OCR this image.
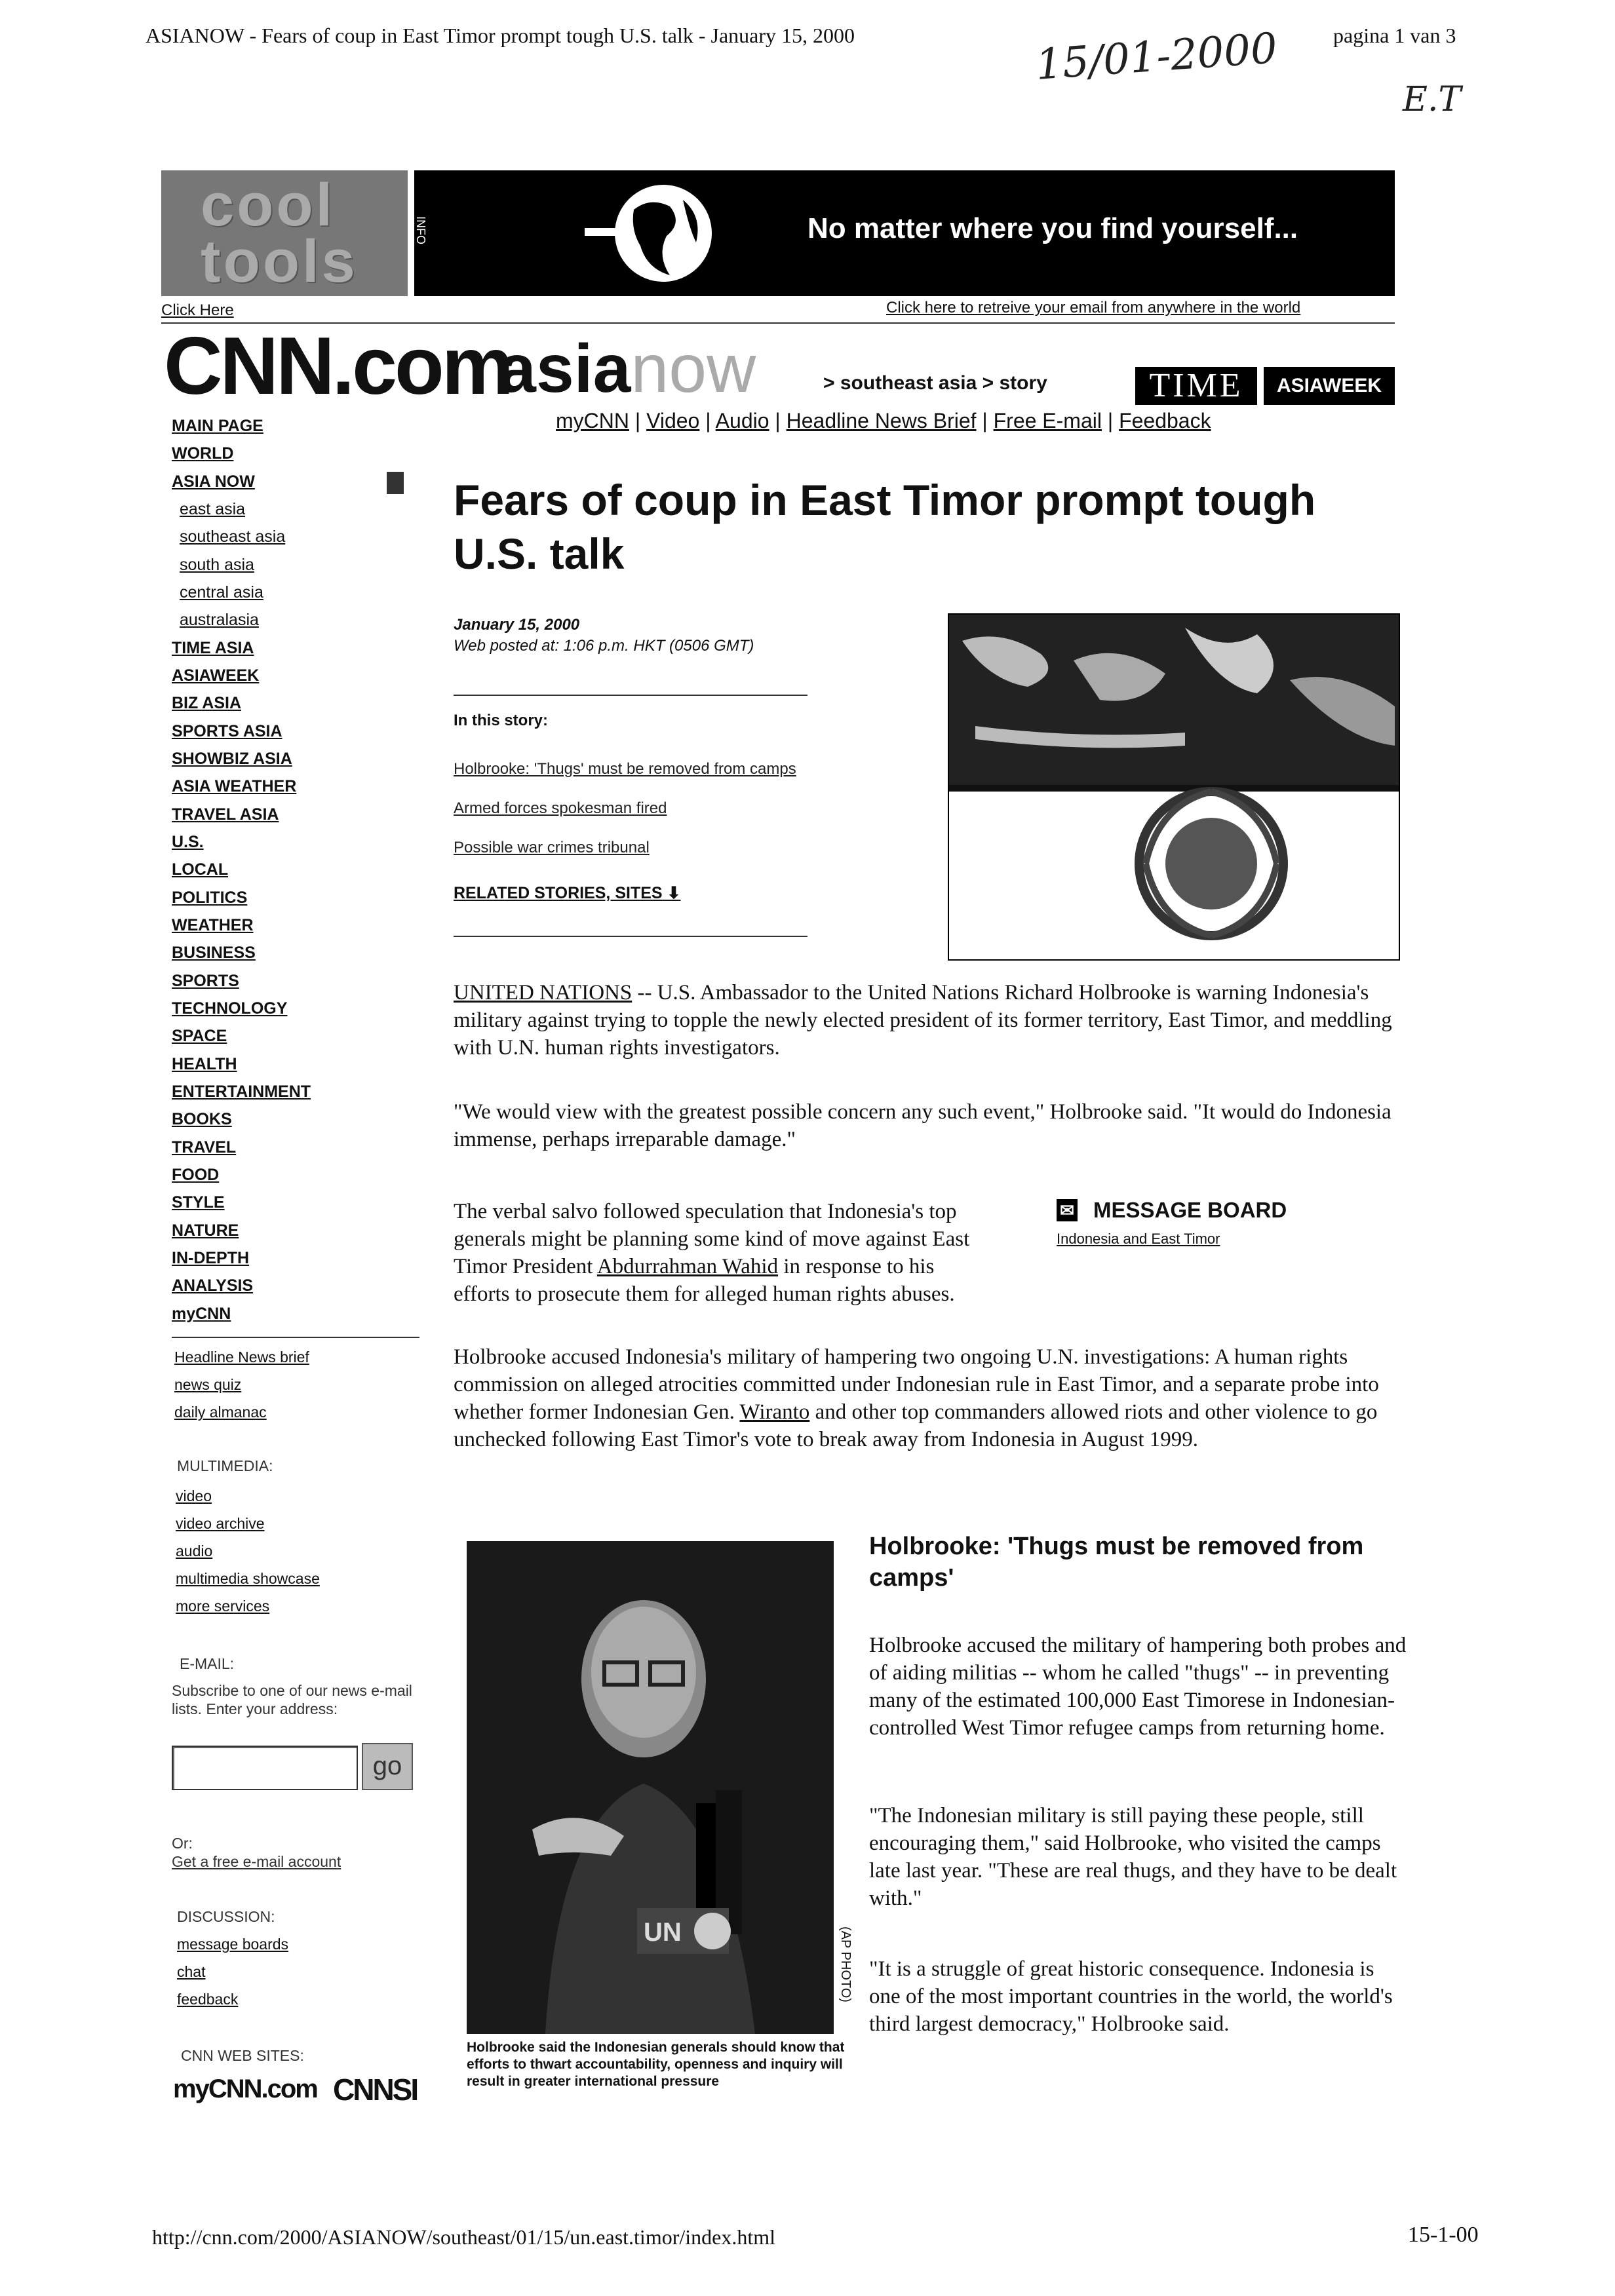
ASIANOW - Fears of coup in East Timor prompt tough U.S. talk - January 15, 2000	pagina 1 van 3
15/01-2000
E.T
cool tools	INFO	No matter where you find yourself...
Click Here	Click here to retreive your email from anywhere in the world
CNN.com
asianow	> southeast asia > story	TIME	ASIAWEEK
myCNN | Video | Audio | Headline News Brief | Free E-mail | Feedback
MAIN PAGE
WORLD
ASIA NOW
east asia
southeast asia
south asia
central asia
australasia
TIME ASIA
ASIAWEEK
BIZ ASIA
SPORTS ASIA
SHOWBIZ ASIA
ASIA WEATHER
TRAVEL ASIA
U.S.
LOCAL
POLITICS
WEATHER
BUSINESS
SPORTS
TECHNOLOGY
SPACE
HEALTH
ENTERTAINMENT
BOOKS
TRAVEL
FOOD
STYLE
NATURE
IN-DEPTH
ANALYSIS
myCNN
Headline News brief
news quiz
daily almanac
MULTIMEDIA:
video
video archive
audio
multimedia showcase
more services
E-MAIL:
Subscribe to one of our news e-mail lists. Enter your address:
go
Or:
Get a free e-mail account
DISCUSSION:
message boards
chat
feedback
CNN WEB SITES:
myCNN.com CNNSI
Fears of coup in East Timor prompt tough U.S. talk
January 15, 2000
Web posted at: 1:06 p.m. HKT (0506 GMT)
In this story:
Holbrooke: 'Thugs' must be removed from camps
Armed forces spokesman fired
Possible war crimes tribunal
RELATED STORIES, SITES ⬇
UNITED NATIONS -- U.S. Ambassador to the United Nations Richard Holbrooke is warning Indonesia's military against trying to topple the newly elected president of its former territory, East Timor, and meddling with U.N. human rights investigators.
"We would view with the greatest possible concern any such event," Holbrooke said. "It would do Indonesia immense, perhaps irreparable damage."
The verbal salvo followed speculation that Indonesia's top
generals might be planning some kind of move against East
Timor President Abdurrahman Wahid in response to his
efforts to prosecute them for alleged human rights abuses.
✉ MESSAGE BOARD
Indonesia and East Timor
Holbrooke accused Indonesia's military of hampering two ongoing U.N. investigations: A human rights commission on alleged atrocities committed under Indonesian rule in East Timor, and a separate probe into whether former Indonesian Gen. Wiranto and other top commanders allowed riots and other violence to go unchecked following East Timor's vote to break away from Indonesia in August 1999.
UN	(AP PHOTO)
Holbrooke said the Indonesian generals should know that efforts to thwart accountability, openness and inquiry will result in greater international pressure
Holbrooke: 'Thugs must be removed from camps'
Holbrooke accused the military of hampering both probes and of aiding militias -- whom he called "thugs" -- in preventing many of the estimated 100,000 East Timorese in Indonesian-controlled West Timor refugee camps from returning home.
"The Indonesian military is still paying these people, still encouraging them," said Holbrooke, who visited the camps late last year. "These are real thugs, and they have to be dealt with."
"It is a struggle of great historic consequence. Indonesia is one of the most important countries in the world, the world's third largest democracy," Holbrooke said.
http://cnn.com/2000/ASIANOW/southeast/01/15/un.east.timor/index.html	15-1-00
